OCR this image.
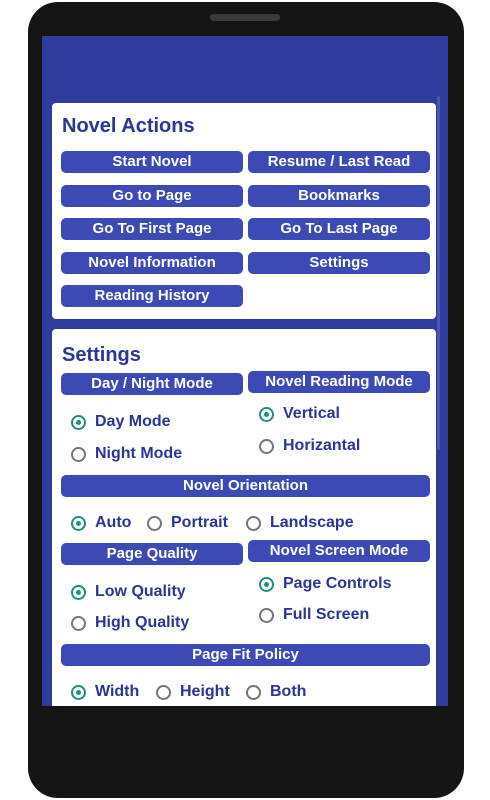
Novel Actions
Start Novel	Resume / Last Read
Go to Page	Bookmarks
Go To First Page	Go To Last Page
Novel Information	Settings
Reading History
Settings
Day / Night Mode
Day Mode
Night Mode
Novel Reading Mode
Vertical
Horizantal
Novel Orientation
Auto Portrait	Landscape
Page Quality
Low Quality
High Quality
Novel Screen Mode
Page Controls
Full Screen
Page Fit Policy
Width	Height	Both
